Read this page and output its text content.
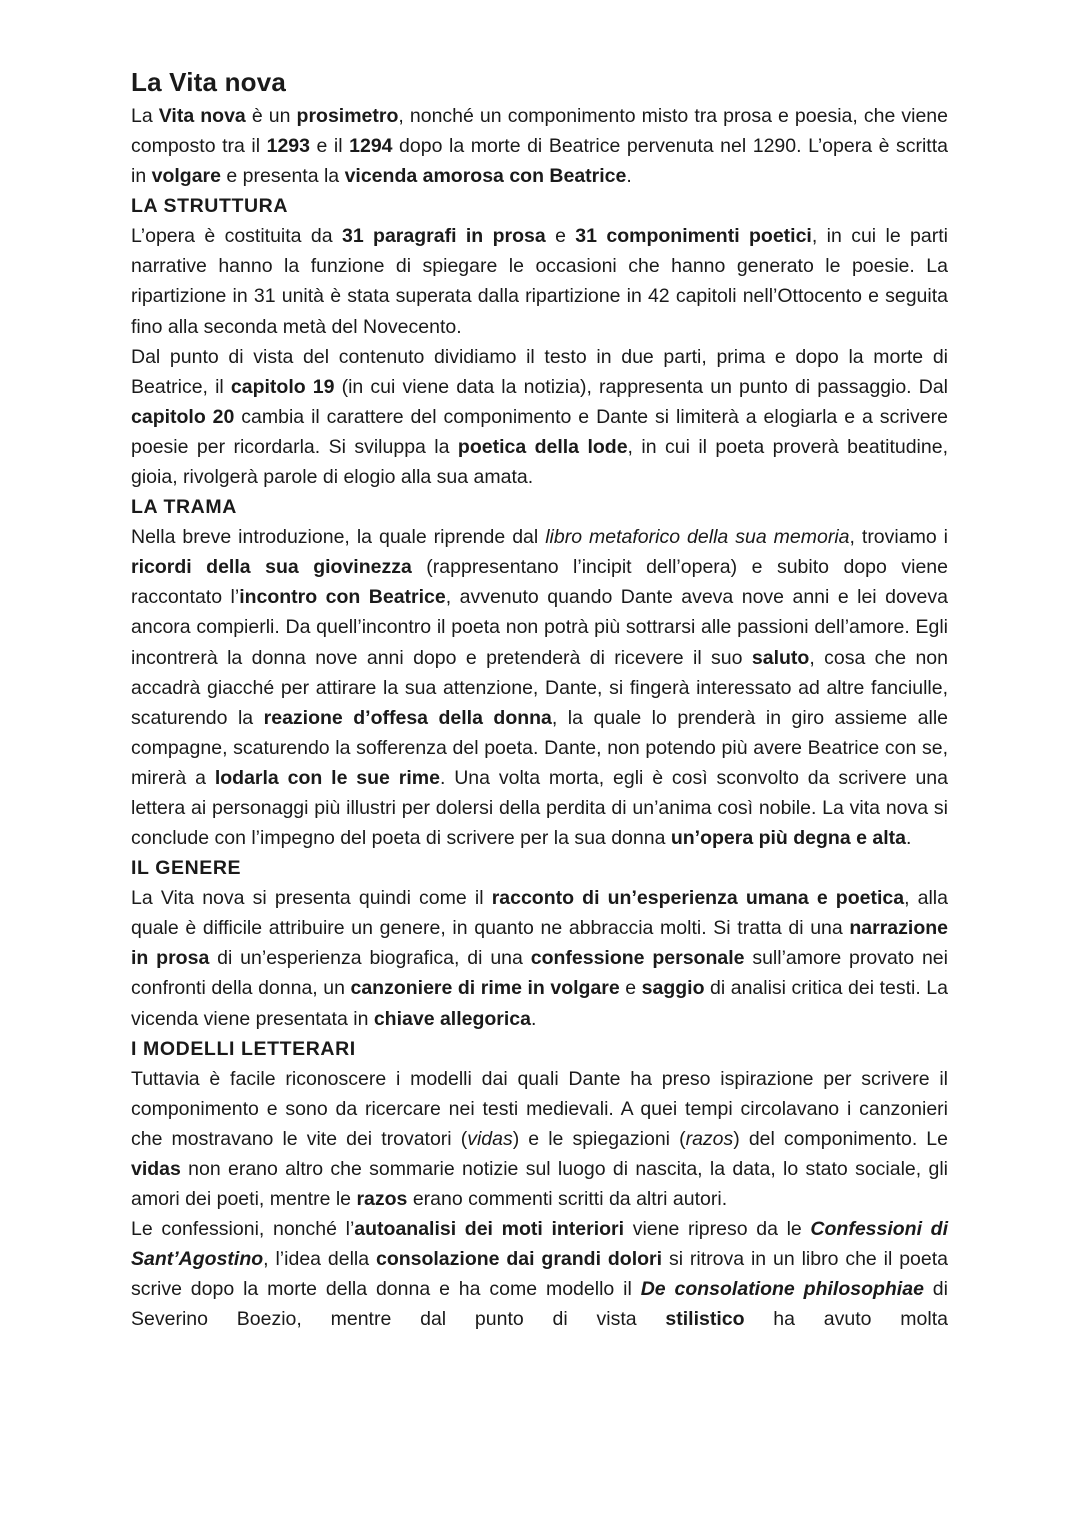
La Vita nova

La Vita nova è un prosimetro, nonché un componimento misto tra prosa e poesia, che viene composto tra il 1293 e il 1294 dopo la morte di Beatrice pervenuta nel 1290. L’opera è scritta in volgare e presenta la vicenda amorosa con Beatrice.

LA STRUTTURA

L’opera è costituita da 31 paragrafi in prosa e 31 componimenti poetici, in cui le parti narrative hanno la funzione di spiegare le occasioni che hanno generato le poesie. La ripartizione in 31 unità è stata superata dalla ripartizione in 42 capitoli nell’Ottocento e seguita fino alla seconda metà del Novecento.

Dal punto di vista del contenuto dividiamo il testo in due parti, prima e dopo la morte di Beatrice, il capitolo 19 (in cui viene data la notizia), rappresenta un punto di passaggio. Dal capitolo 20 cambia il carattere del componimento e Dante si limiterà a elogiarla e a scrivere poesie per ricordarla. Si sviluppa la poetica della lode, in cui il poeta proverà beatitudine, gioia, rivolgerà parole di elogio alla sua amata.

LA TRAMA

Nella breve introduzione, la quale riprende dal libro metaforico della sua memoria, troviamo i ricordi della sua giovinezza (rappresentano l’incipit dell’opera) e subito dopo viene raccontato l’incontro con Beatrice, avvenuto quando Dante aveva nove anni e lei doveva ancora compierli. Da quell’incontro il poeta non potrà più sottrarsi alle passioni dell’amore. Egli incontrerà la donna nove anni dopo e pretenderà di ricevere il suo saluto, cosa che non accadrà giacché per attirare la sua attenzione, Dante, si fingerà interessato ad altre fanciulle, scaturendo la reazione d’offesa della donna, la quale lo prenderà in giro assieme alle compagne, scaturendo la sofferenza del poeta. Dante, non potendo più avere Beatrice con se, mirerà a lodarla con le sue rime. Una volta morta, egli è così sconvolto da scrivere una lettera ai personaggi più illustri per dolersi della perdita di un’anima così nobile. La vita nova si conclude con l’impegno del poeta di scrivere per la sua donna un’opera più degna e alta.

IL GENERE

La Vita nova si presenta quindi come il racconto di un’esperienza umana e poetica, alla quale è difficile attribuire un genere, in quanto ne abbraccia molti. Si tratta di una narrazione in prosa di un’esperienza biografica, di una confessione personale sull’amore provato nei confronti della donna, un canzoniere di rime in volgare e saggio di analisi critica dei testi. La vicenda viene presentata in chiave allegorica.

I MODELLI LETTERARI

Tuttavia è facile riconoscere i modelli dai quali Dante ha preso ispirazione per scrivere il componimento e sono da ricercare nei testi medievali. A quei tempi circolavano i canzonieri che mostravano le vite dei trovatori (vidas) e le spiegazioni (razos) del componimento. Le vidas non erano altro che sommarie notizie sul luogo di nascita, la data, lo stato sociale, gli amori dei poeti, mentre le razos erano commenti scritti da altri autori.

Le confessioni, nonché l’autoanalisi dei moti interiori viene ripreso da le Confessioni di Sant’Agostino, l’idea della consolazione dai grandi dolori si ritrova in un libro che il poeta scrive dopo la morte della donna e ha come modello il De consolatione philosophiae di Severino Boezio, mentre dal punto di vista stilistico ha avuto molta
